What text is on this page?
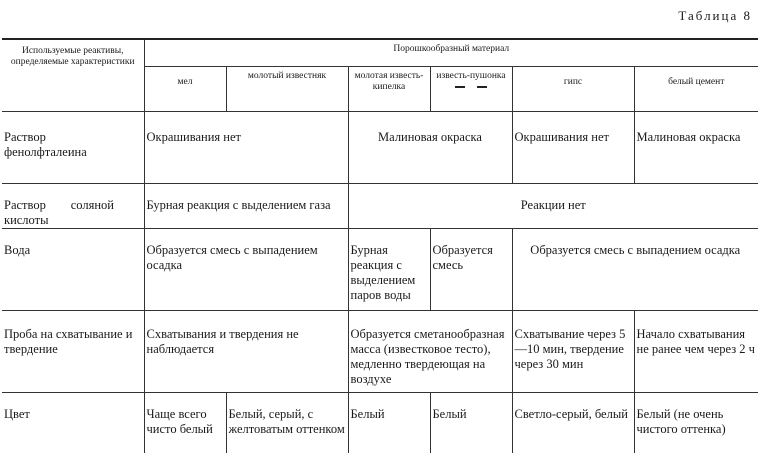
Таблица 8
Используемые реактивы, определяемые характеристики	Порошкообразный материал					
	мел	молотый известняк	молотая известь-кипелка	известь-пушонка	гипс	белый цемент

Раствор фенолфталеина	Окрашивания нет		Малиновая окраска		Окрашивания нет	Малиновая окраска

Раствор соляной кислоты	Бурная реакция с выделением газа		Реакции нет			
Вода	Образуется смесь с выпадением осадка		Бурная реакция с выделением паров воды	Образуется смесь	Образуется смесь с выпадением осадка	
Проба на схватывание и твердение	Схватывания и твердения не наблюдается		Образуется сметанообразная масса (известковое тесто), медленно твердеющая на воздухе		Схватывание через 5—10 мин, твердение через 30 мин	Начало схватывания не ранее чем через 2 ч
Цвет	Чаще всего чисто белый	Белый, серый, с желтоватым оттенком	Белый	Белый	Светло-серый, белый	Белый (не очень чистого оттенка)
